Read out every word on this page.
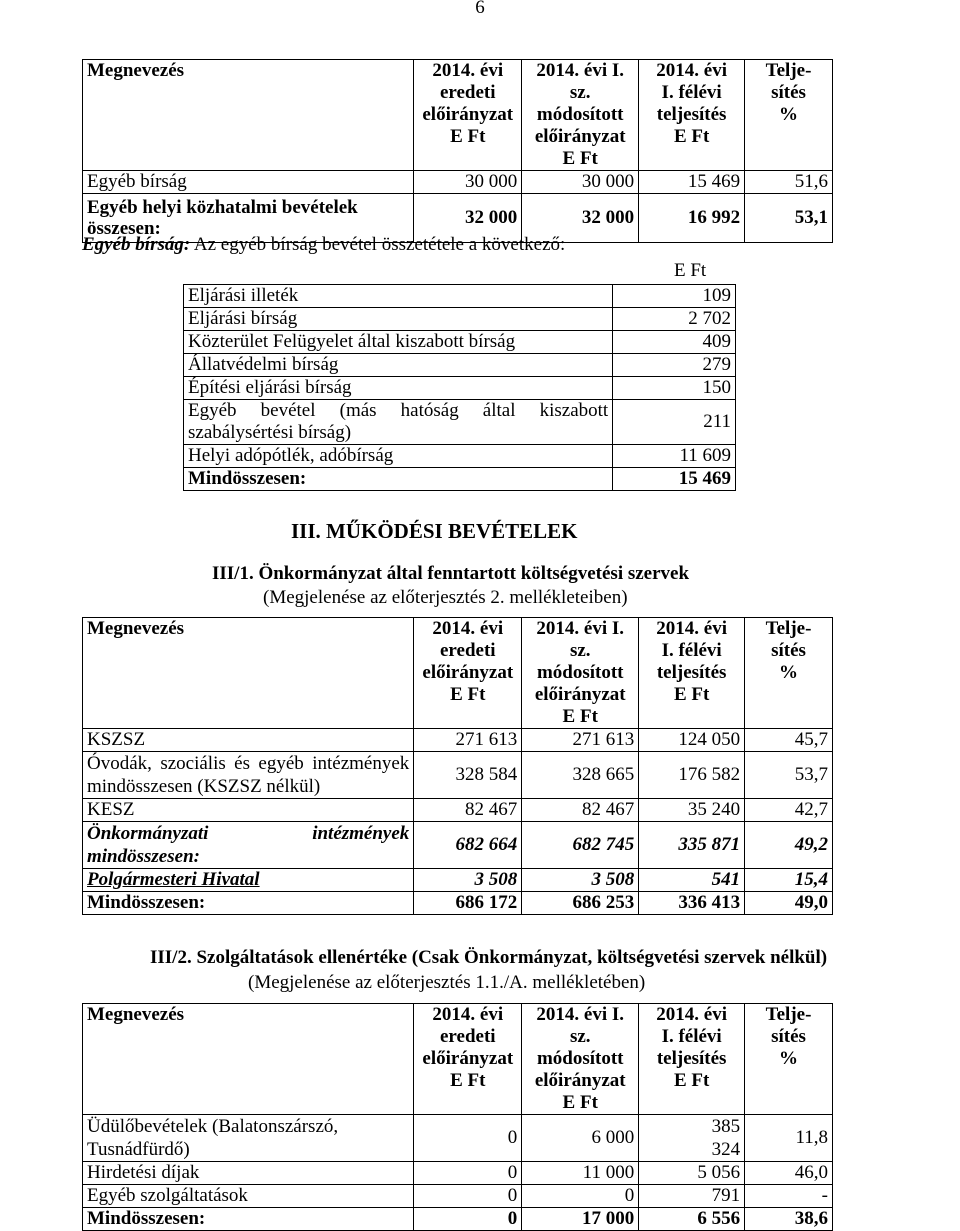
6
Megnevezés	2014. évi
eredeti
előirányzat
E Ft	2014. évi I. sz.
módosított
előirányzat
E Ft	2014. évi
I. félévi
teljesítés
E Ft	Telje-
sítés
%
Egyéb bírság	30 000	30 000	15 469	51,6
Egyéb helyi közhatalmi bevételek összesen:	32 000	32 000	16 992	53,1
Egyéb bírság: Az egyéb bírság bevétel összetétele a következő:
E Ft
Eljárási illeték	109
Eljárási bírság	2 702
Közterület Felügyelet által kiszabott bírság	409
Állatvédelmi bírság	279
Építési eljárási bírság	150
Egyéb bevétel (más hatóság által kiszabott szabálysértési bírság)	211
Helyi adópótlék, adóbírság	11 609
Mindösszesen:	15 469
III. MŰKÖDÉSI BEVÉTELEK
III/1. Önkormányzat által fenntartott költségvetési szervek
(Megjelenése az előterjesztés 2. mellékleteiben)
Megnevezés	2014. évi
eredeti
előirányzat
E Ft	2014. évi I. sz.
módosított
előirányzat
E Ft	2014. évi
I. félévi
teljesítés
E Ft	Telje-
sítés
%
KSZSZ	271 613	271 613	124 050	45,7
Óvodák, szociális és egyéb intézmények mindösszesen (KSZSZ nélkül)	328 584	328 665	176 582	53,7
KESZ	82 467	82 467	35 240	42,7
Önkormányzati intézmények mindösszesen:	682 664	682 745	335 871	49,2
Polgármesteri Hivatal	3 508	3 508	541	15,4
Mindösszesen:	686 172	686 253	336 413	49,0
III/2. Szolgáltatások ellenértéke (Csak Önkormányzat, költségvetési szervek nélkül)
(Megjelenése az előterjesztés 1.1./A. mellékletében)
Megnevezés	2014. évi
eredeti
előirányzat
E Ft	2014. évi I. sz.
módosított
előirányzat
E Ft	2014. évi
I. félévi
teljesítés
E Ft	Telje-
sítés
%
Üdülőbevételek (Balatonszárszó, Tusnádfürdő)	0	6 000	385
324	11,8
Hirdetési díjak	0	11 000	5 056	46,0
Egyéb szolgáltatások	0	0	791	-
Mindösszesen:	0	17 000	6 556	38,6
